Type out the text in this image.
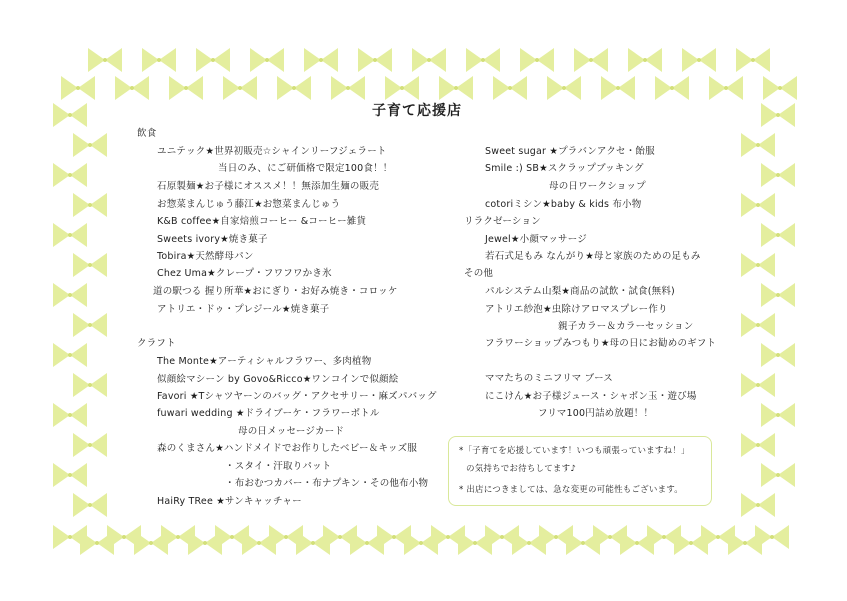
子育て応援店
飲食
ユニテック★世界初販売☆シャインリーフジェラート
当日のみ、にご研価格で限定100食！！
石原製麺★お子様にオススメ！！無添加生麺の販売
お惣菜まんじゅう藤江★お惣菜まんじゅう
K&B coffee★自家焙煎コーヒー &コーヒー雑貨
Sweets ivory★焼き菓子
Tobira★天然酵母パン
Chez Uma★クレープ・フワフワかき氷
道の駅つる 握り所華★おにぎり・お好み焼き・コロッケ
アトリエ・ドゥ・プレジール★焼き菓子
クラフト
The Monte★アーティシャルフラワー、多肉植物
似顔絵マシーン by Govo&Ricco★ワンコインで似顔絵
Favori ★Tシャツヤーンのバッグ・アクセサリー・麻ズパバッグ
fuwari wedding ★ドライブーケ・フラワーボトル
母の日メッセージカード
森のくまさん★ハンドメイドでお作りしたベビー＆キッズ服
・スタイ・汗取りパット
・布おむつカバー・布ナプキン・その他布小物
HaiRy TRee ★サンキャッチャー
Sweet sugar ★プラバンアクセ・飴服
Smile :) SB★スクラップブッキング
母の日ワークショップ
cotoriミシン★baby & kids 布小物
リラクゼーション
Jewel★小顔マッサージ
若石式足もみ なんがり★母と家族のための足もみ
その他
パルシステム山梨★商品の試飲・試食(無料)
アトリエ紗泡★虫除けアロマスプレー作り
親子カラー＆カラーセッション
フラワーショップみつもり★母の日にお勧めのギフト
ママたちのミニフリマ ブース
にこけん★お子様ジュース・シャボン玉・遊び場
フリマ100円詰め放題！！
*「子育てを応援しています！いつも頑張っていますね！」
の気持ちでお待ちしてます♪
* 出店につきましては、急な変更の可能性もございます。
